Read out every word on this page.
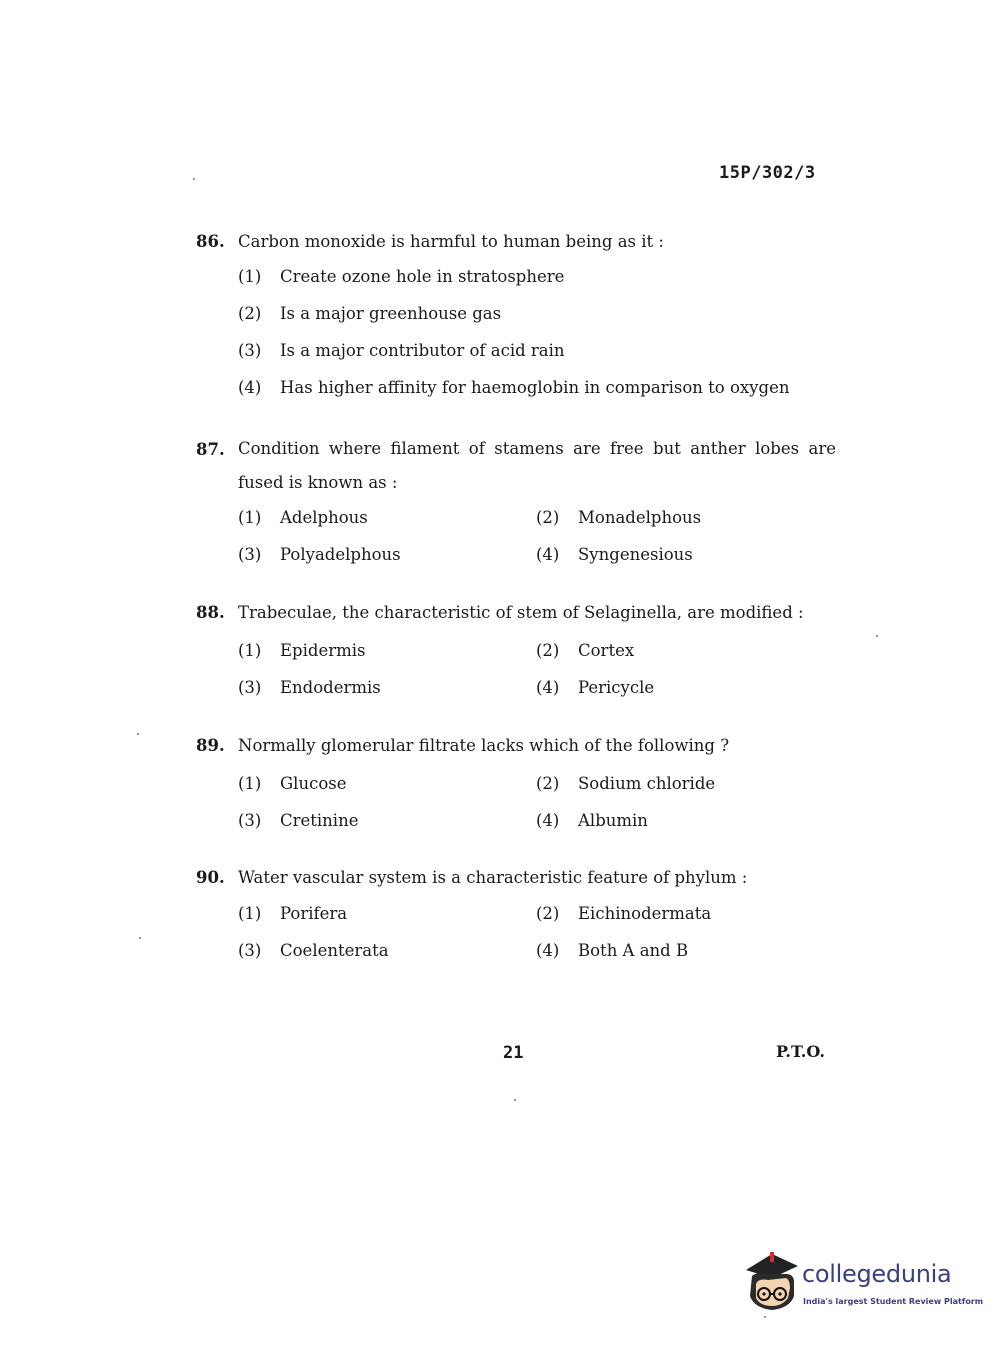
15P/302/3
86. Carbon monoxide is harmful to human being as it :
(1)	Create ozone hole in stratosphere
(2)	Is a major greenhouse gas
(3)	Is a major contributor of acid rain
(4)	Has higher affinity for haemoglobin in comparison to oxygen
87. Condition where filament of stamens are free but anther lobes are fused is known as :
(1)	Adelphous	(2)	Monadelphous
(3)	Polyadelphous	(4)	Syngenesious
88. Trabeculae, the characteristic of stem of Selaginella, are modified :
(1)	Epidermis	(2)	Cortex
(3)	Endodermis	(4)	Pericycle
89. Normally glomerular filtrate lacks which of the following ?
(1)	Glucose	(2)	Sodium chloride
(3)	Cretinine	(4)	Albumin
90. Water vascular system is a characteristic feature of phylum :
(1)	Porifera	(2)	Eichinodermata
(3)	Coelenterata	(4)	Both A and B
21	P.T.O.
collegedunia
India's largest Student Review Platform
